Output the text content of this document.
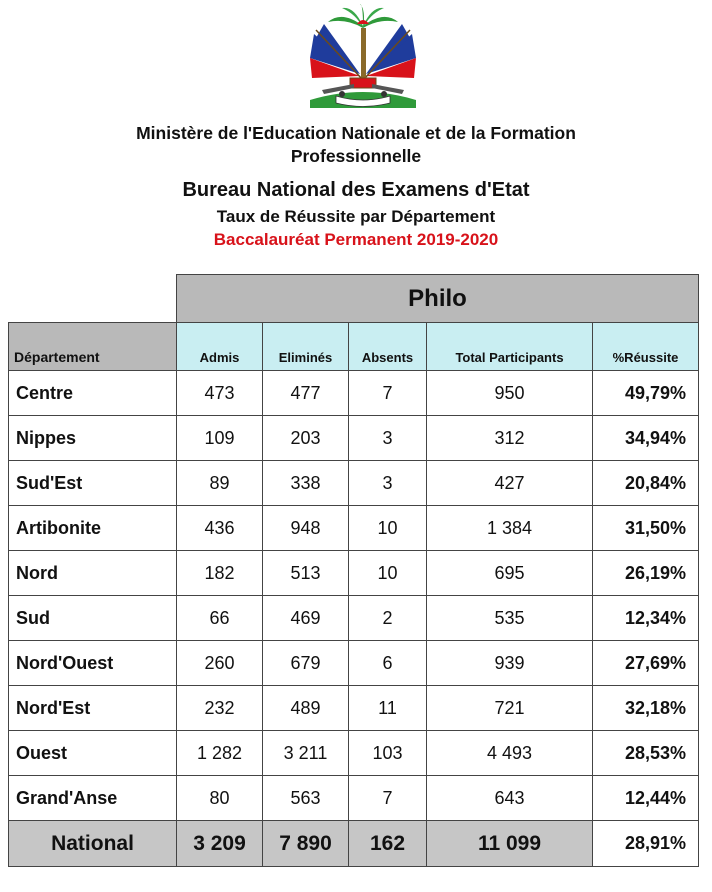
Ministère de l'Education Nationale et de la Formation Professionnelle
Bureau National des Examens d'Etat
Taux de Réussite par Département
Baccalauréat Permanent 2019-2020
	Philo				
Département	Admis	Eliminés	Absents	Total Participants	%Réussite
Centre	473	477	7	950	49,79%
Nippes	109	203	3	312	34,94%
Sud'Est	89	338	3	427	20,84%
Artibonite	436	948	10	1 384	31,50%
Nord	182	513	10	695	26,19%
Sud	66	469	2	535	12,34%
Nord'Ouest	260	679	6	939	27,69%
Nord'Est	232	489	11	721	32,18%
Ouest	1 282	3 211	103	4 493	28,53%
Grand'Anse	80	563	7	643	12,44%
National	3 209	7 890	162	11 099	28,91%
